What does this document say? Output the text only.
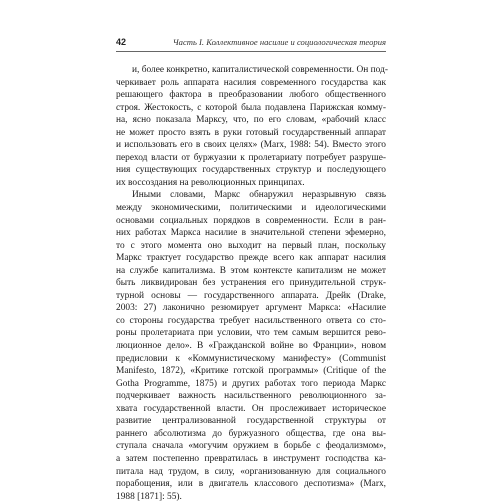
42	Часть I. Коллективное насилие и социологическая теория
и, более конкретно, капиталистической современности. Он под-
черкивает роль аппарата насилия современного государства как
решающего фактора в преобразовании любого общественного
строя. Жестокость, с которой была подавлена Парижская комму-
на, ясно показала Марксу, что, по его словам, «рабочий класс
не может просто взять в руки готовый государственный аппарат
и использовать его в своих целях» (Marx, 1988: 54). Вместо этого
переход власти от буржуазии к пролетариату потребует разруше-
ния существующих государственных структур и последующего
их воссоздания на революционных принципах.
Иными словами, Маркс обнаружил неразрывную связь
между экономическими, политическими и идеологическими
основами социальных порядков в современности. Если в ран-
них работах Маркса насилие в значительной степени эфемерно,
то с этого момента оно выходит на первый план, поскольку
Маркс трактует государство прежде всего как аппарат насилия
на службе капитализма. В этом контексте капитализм не может
быть ликвидирован без устранения его принудительной струк-
турной основы — государственного аппарата. Дрейк (Drake,
2003: 27) лаконично резюмирует аргумент Маркса: «Насилие
со стороны государства требует насильственного ответа со сто-
роны пролетариата при условии, что тем самым вершится рево-
люционное дело». В «Гражданской войне во Франции», новом
предисловии к «Коммунистическому манифесту» (Communist
Manifesto, 1872), «Критике готской программы» (Critique of the
Gotha Programme, 1875) и других работах того периода Маркс
подчеркивает важность насильственного революционного за-
хвата государственной власти. Он прослеживает историческое
развитие централизованной государственной структуры от
раннего абсолютизма до буржуазного общества, где она вы-
ступала сначала «могучим оружием в борьбе с феодализмом»,
а затем постепенно превратилась в инструмент господства ка-
питала над трудом, в силу, «организованную для социального
порабощения, или в двигатель классового деспотизма» (Marx,
1988 [1871]: 55).
